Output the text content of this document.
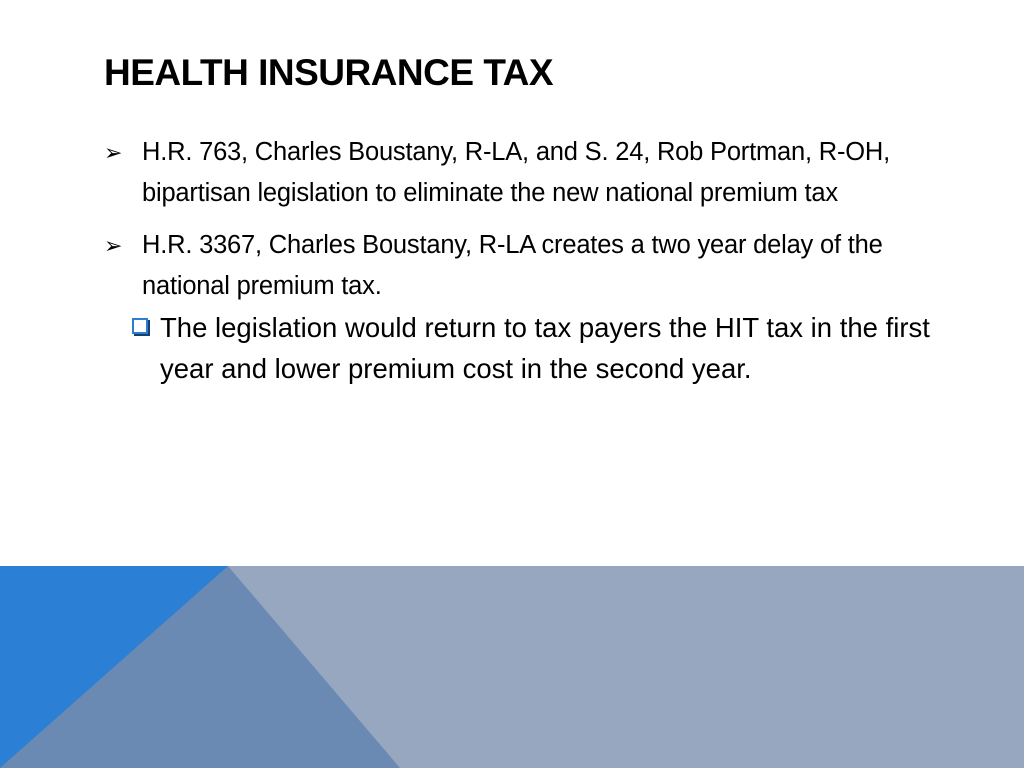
HEALTH INSURANCE TAX
➢ H.R. 763, Charles Boustany, R-LA, and S. 24, Rob Portman, R-OH, bipartisan legislation to eliminate the new national premium tax
➢ H.R. 3367, Charles Boustany, R-LA creates a two year delay of the national premium tax.
The legislation would return to tax payers the HIT tax in the first year and lower premium cost in the second year.
